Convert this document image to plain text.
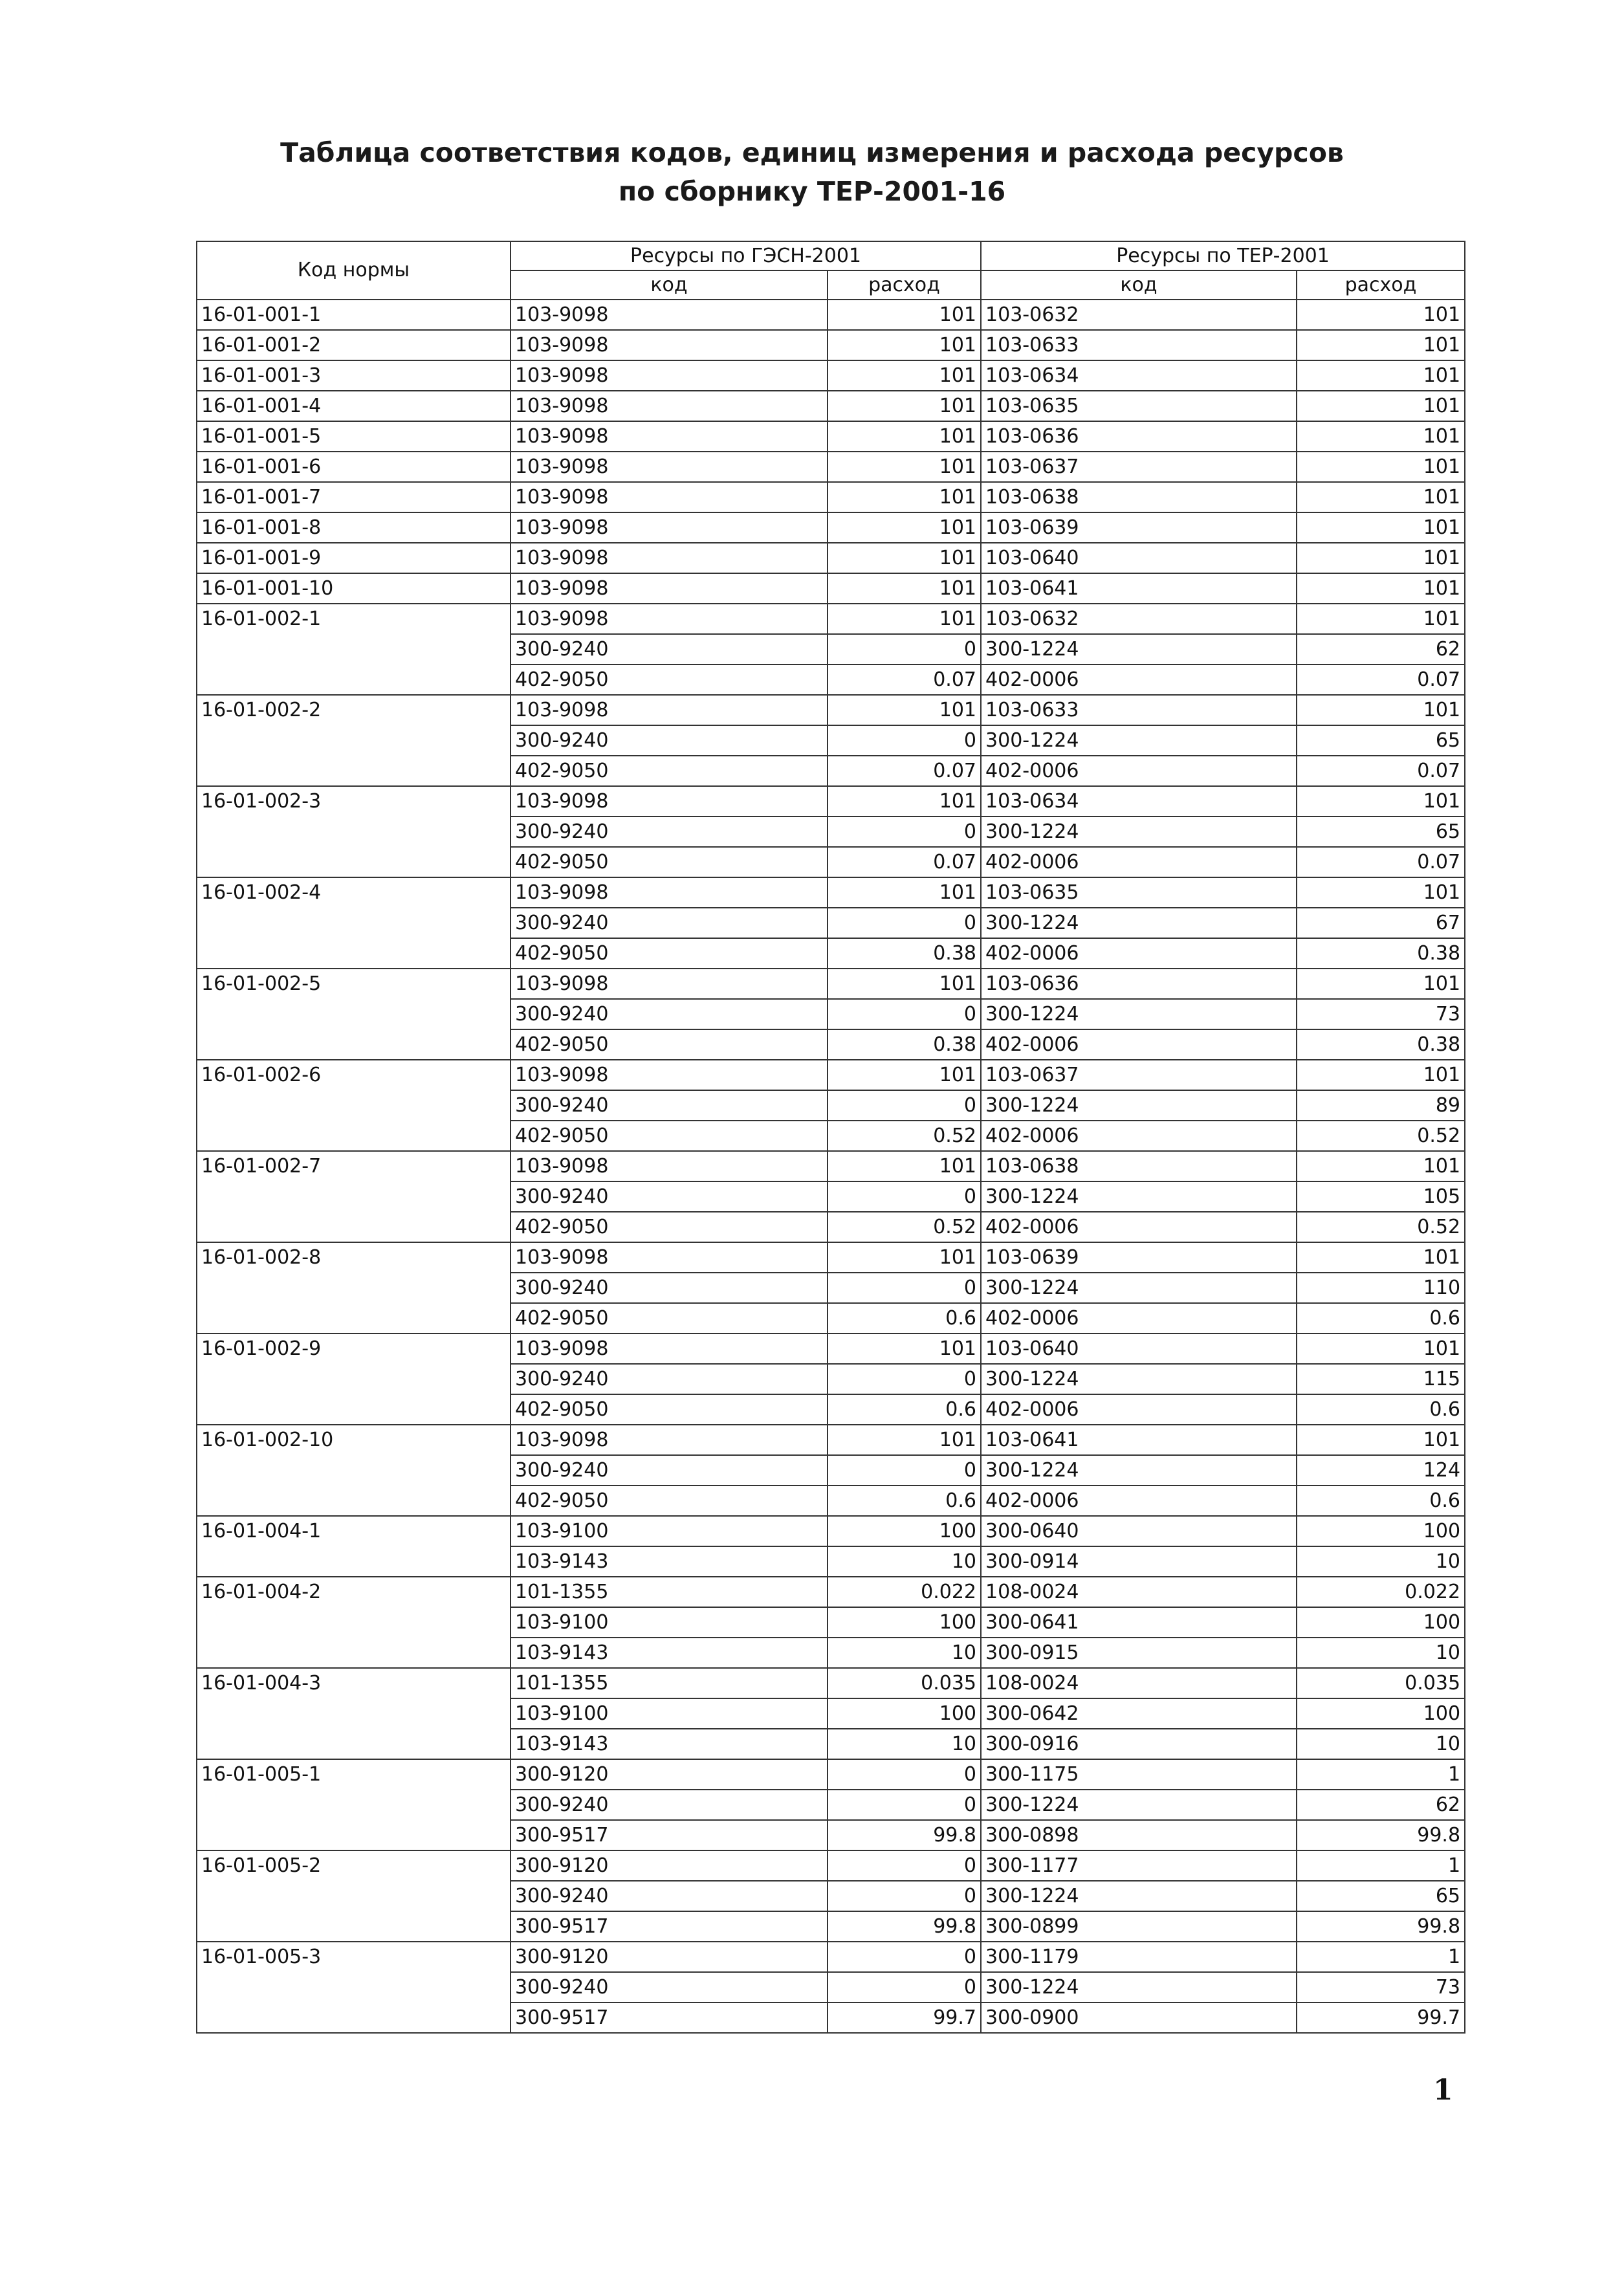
Таблица соответствия кодов, единиц измерения и расхода ресурсов
по сборнику ТЕР-2001-16
Код нормы	Ресурсы по ГЭСН-2001		Ресурсы по ТЕР-2001	
	код	расход	код	расход
16-01-001-1	103-9098	101	103-0632	101
16-01-001-2	103-9098	101	103-0633	101
16-01-001-3	103-9098	101	103-0634	101
16-01-001-4	103-9098	101	103-0635	101
16-01-001-5	103-9098	101	103-0636	101
16-01-001-6	103-9098	101	103-0637	101
16-01-001-7	103-9098	101	103-0638	101
16-01-001-8	103-9098	101	103-0639	101
16-01-001-9	103-9098	101	103-0640	101
16-01-001-10	103-9098	101	103-0641	101
16-01-002-1	103-9098	101	103-0632	101
	300-9240	0	300-1224	62
	402-9050	0.07	402-0006	0.07
16-01-002-2	103-9098	101	103-0633	101
	300-9240	0	300-1224	65
	402-9050	0.07	402-0006	0.07
16-01-002-3	103-9098	101	103-0634	101
	300-9240	0	300-1224	65
	402-9050	0.07	402-0006	0.07
16-01-002-4	103-9098	101	103-0635	101
	300-9240	0	300-1224	67
	402-9050	0.38	402-0006	0.38
16-01-002-5	103-9098	101	103-0636	101
	300-9240	0	300-1224	73
	402-9050	0.38	402-0006	0.38
16-01-002-6	103-9098	101	103-0637	101
	300-9240	0	300-1224	89
	402-9050	0.52	402-0006	0.52
16-01-002-7	103-9098	101	103-0638	101
	300-9240	0	300-1224	105
	402-9050	0.52	402-0006	0.52
16-01-002-8	103-9098	101	103-0639	101
	300-9240	0	300-1224	110
	402-9050	0.6	402-0006	0.6
16-01-002-9	103-9098	101	103-0640	101
	300-9240	0	300-1224	115
	402-9050	0.6	402-0006	0.6
16-01-002-10	103-9098	101	103-0641	101
	300-9240	0	300-1224	124
	402-9050	0.6	402-0006	0.6
16-01-004-1	103-9100	100	300-0640	100
	103-9143	10	300-0914	10
16-01-004-2	101-1355	0.022	108-0024	0.022
	103-9100	100	300-0641	100
	103-9143	10	300-0915	10
16-01-004-3	101-1355	0.035	108-0024	0.035
	103-9100	100	300-0642	100
	103-9143	10	300-0916	10
16-01-005-1	300-9120	0	300-1175	1
	300-9240	0	300-1224	62
	300-9517	99.8	300-0898	99.8
16-01-005-2	300-9120	0	300-1177	1
	300-9240	0	300-1224	65
	300-9517	99.8	300-0899	99.8
16-01-005-3	300-9120	0	300-1179	1
	300-9240	0	300-1224	73
	300-9517	99.7	300-0900	99.7
1
